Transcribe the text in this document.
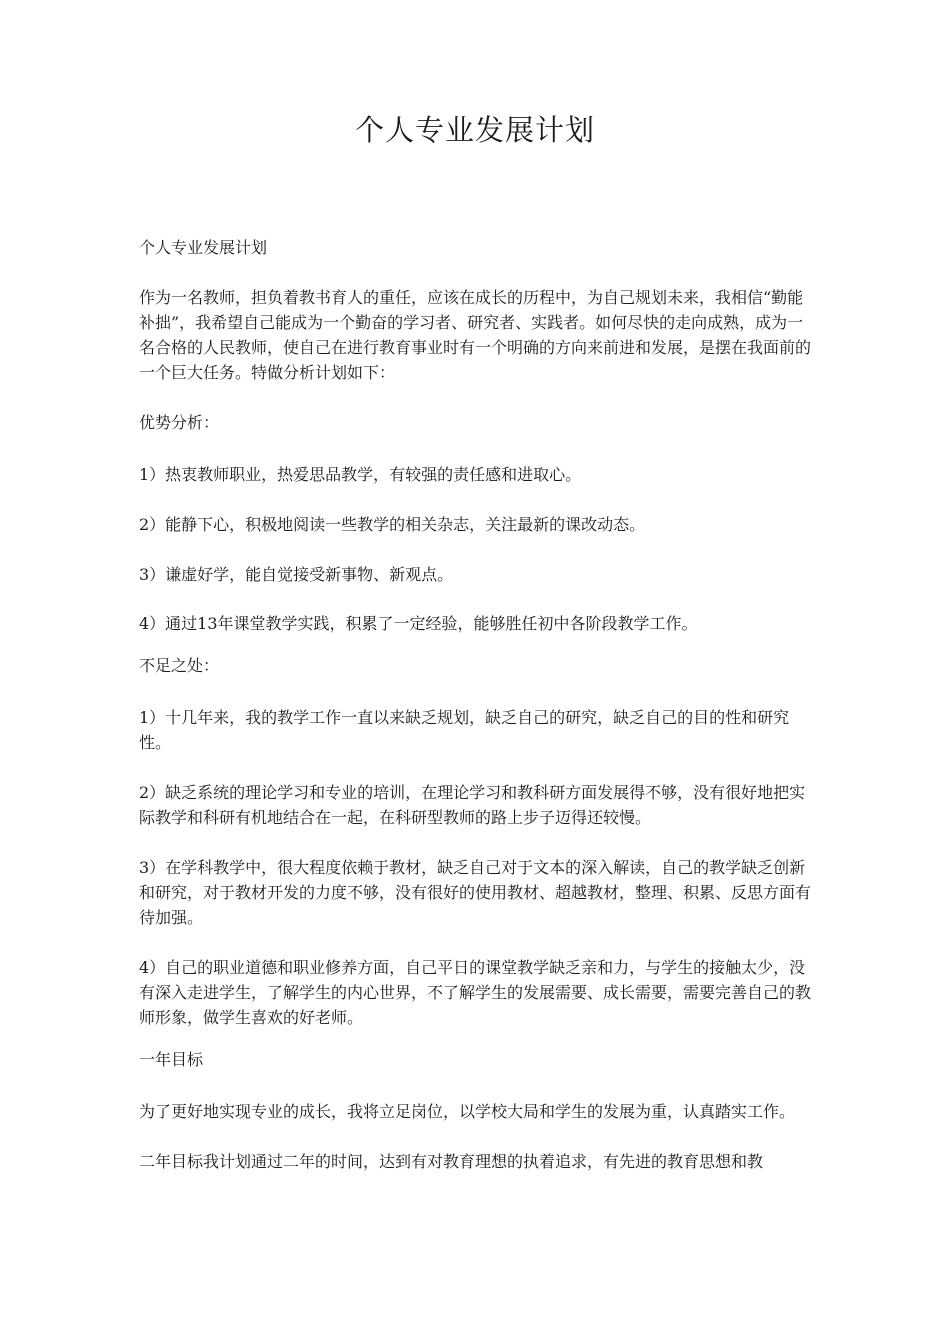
个人专业发展计划

个人专业发展计划

作为一名教师，担负着教书育人的重任，应该在成长的历程中，为自己规划未来，我相信“勤能补拙”，我希望自己能成为一个勤奋的学习者、研究者、实践者。如何尽快的走向成熟，成为一名合格的人民教师，使自己在进行教育事业时有一个明确的方向来前进和发展，是摆在我面前的一个巨大任务。特做分析计划如下：

优势分析：

1）热衷教师职业，热爱思品教学，有较强的责任感和进取心。

2）能静下心，积极地阅读一些教学的相关杂志，关注最新的课改动态。

3）谦虚好学，能自觉接受新事物、新观点。

4）通过13年课堂教学实践，积累了一定经验，能够胜任初中各阶段教学工作。

不足之处：

1）十几年来，我的教学工作一直以来缺乏规划，缺乏自己的研究，缺乏自己的目的性和研究性。

2）缺乏系统的理论学习和专业的培训，在理论学习和教科研方面发展得不够，没有很好地把实际教学和科研有机地结合在一起，在科研型教师的路上步子迈得还较慢。

3）在学科教学中，很大程度依赖于教材，缺乏自己对于文本的深入解读，自己的教学缺乏创新和研究，对于教材开发的力度不够，没有很好的使用教材、超越教材，整理、积累、反思方面有待加强。

4）自己的职业道德和职业修养方面，自己平日的课堂教学缺乏亲和力，与学生的接触太少，没有深入走进学生，了解学生的内心世界，不了解学生的发展需要、成长需要，需要完善自己的教师形象，做学生喜欢的好老师。

一年目标

为了更好地实现专业的成长，我将立足岗位，以学校大局和学生的发展为重，认真踏实工作。

二年目标我计划通过二年的时间，达到有对教育理想的执着追求，有先进的教育思想和教
